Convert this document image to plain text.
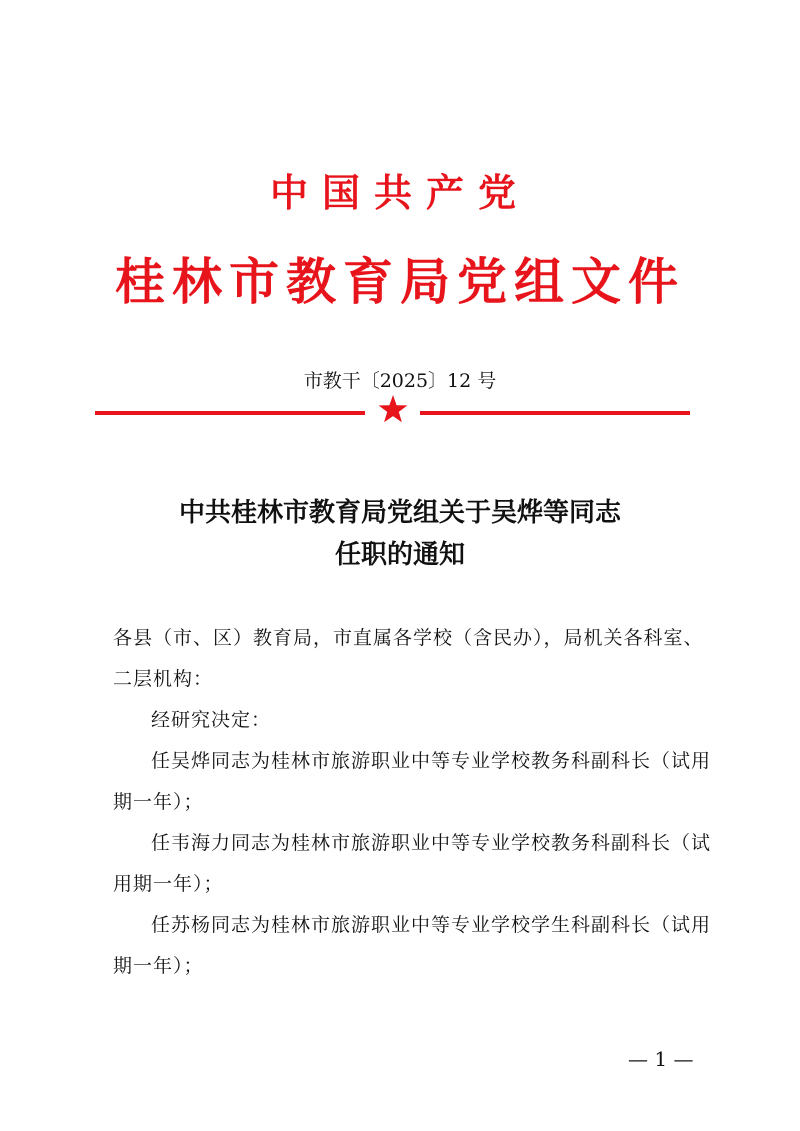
中国共产党
桂林市教育局党组文件
市教干〔2025〕12 号
中共桂林市教育局党组关于吴烨等同志
任职的通知

各县（市、区）教育局，市直属各学校（含民办），局机关各科室、二层机构：

经研究决定：

任吴烨同志为桂林市旅游职业中等专业学校教务科副科长（试用期一年）；

任韦海力同志为桂林市旅游职业中等专业学校教务科副科长（试用期一年）；

任苏杨同志为桂林市旅游职业中等专业学校学生科副科长（试用期一年）；

— 1 —
